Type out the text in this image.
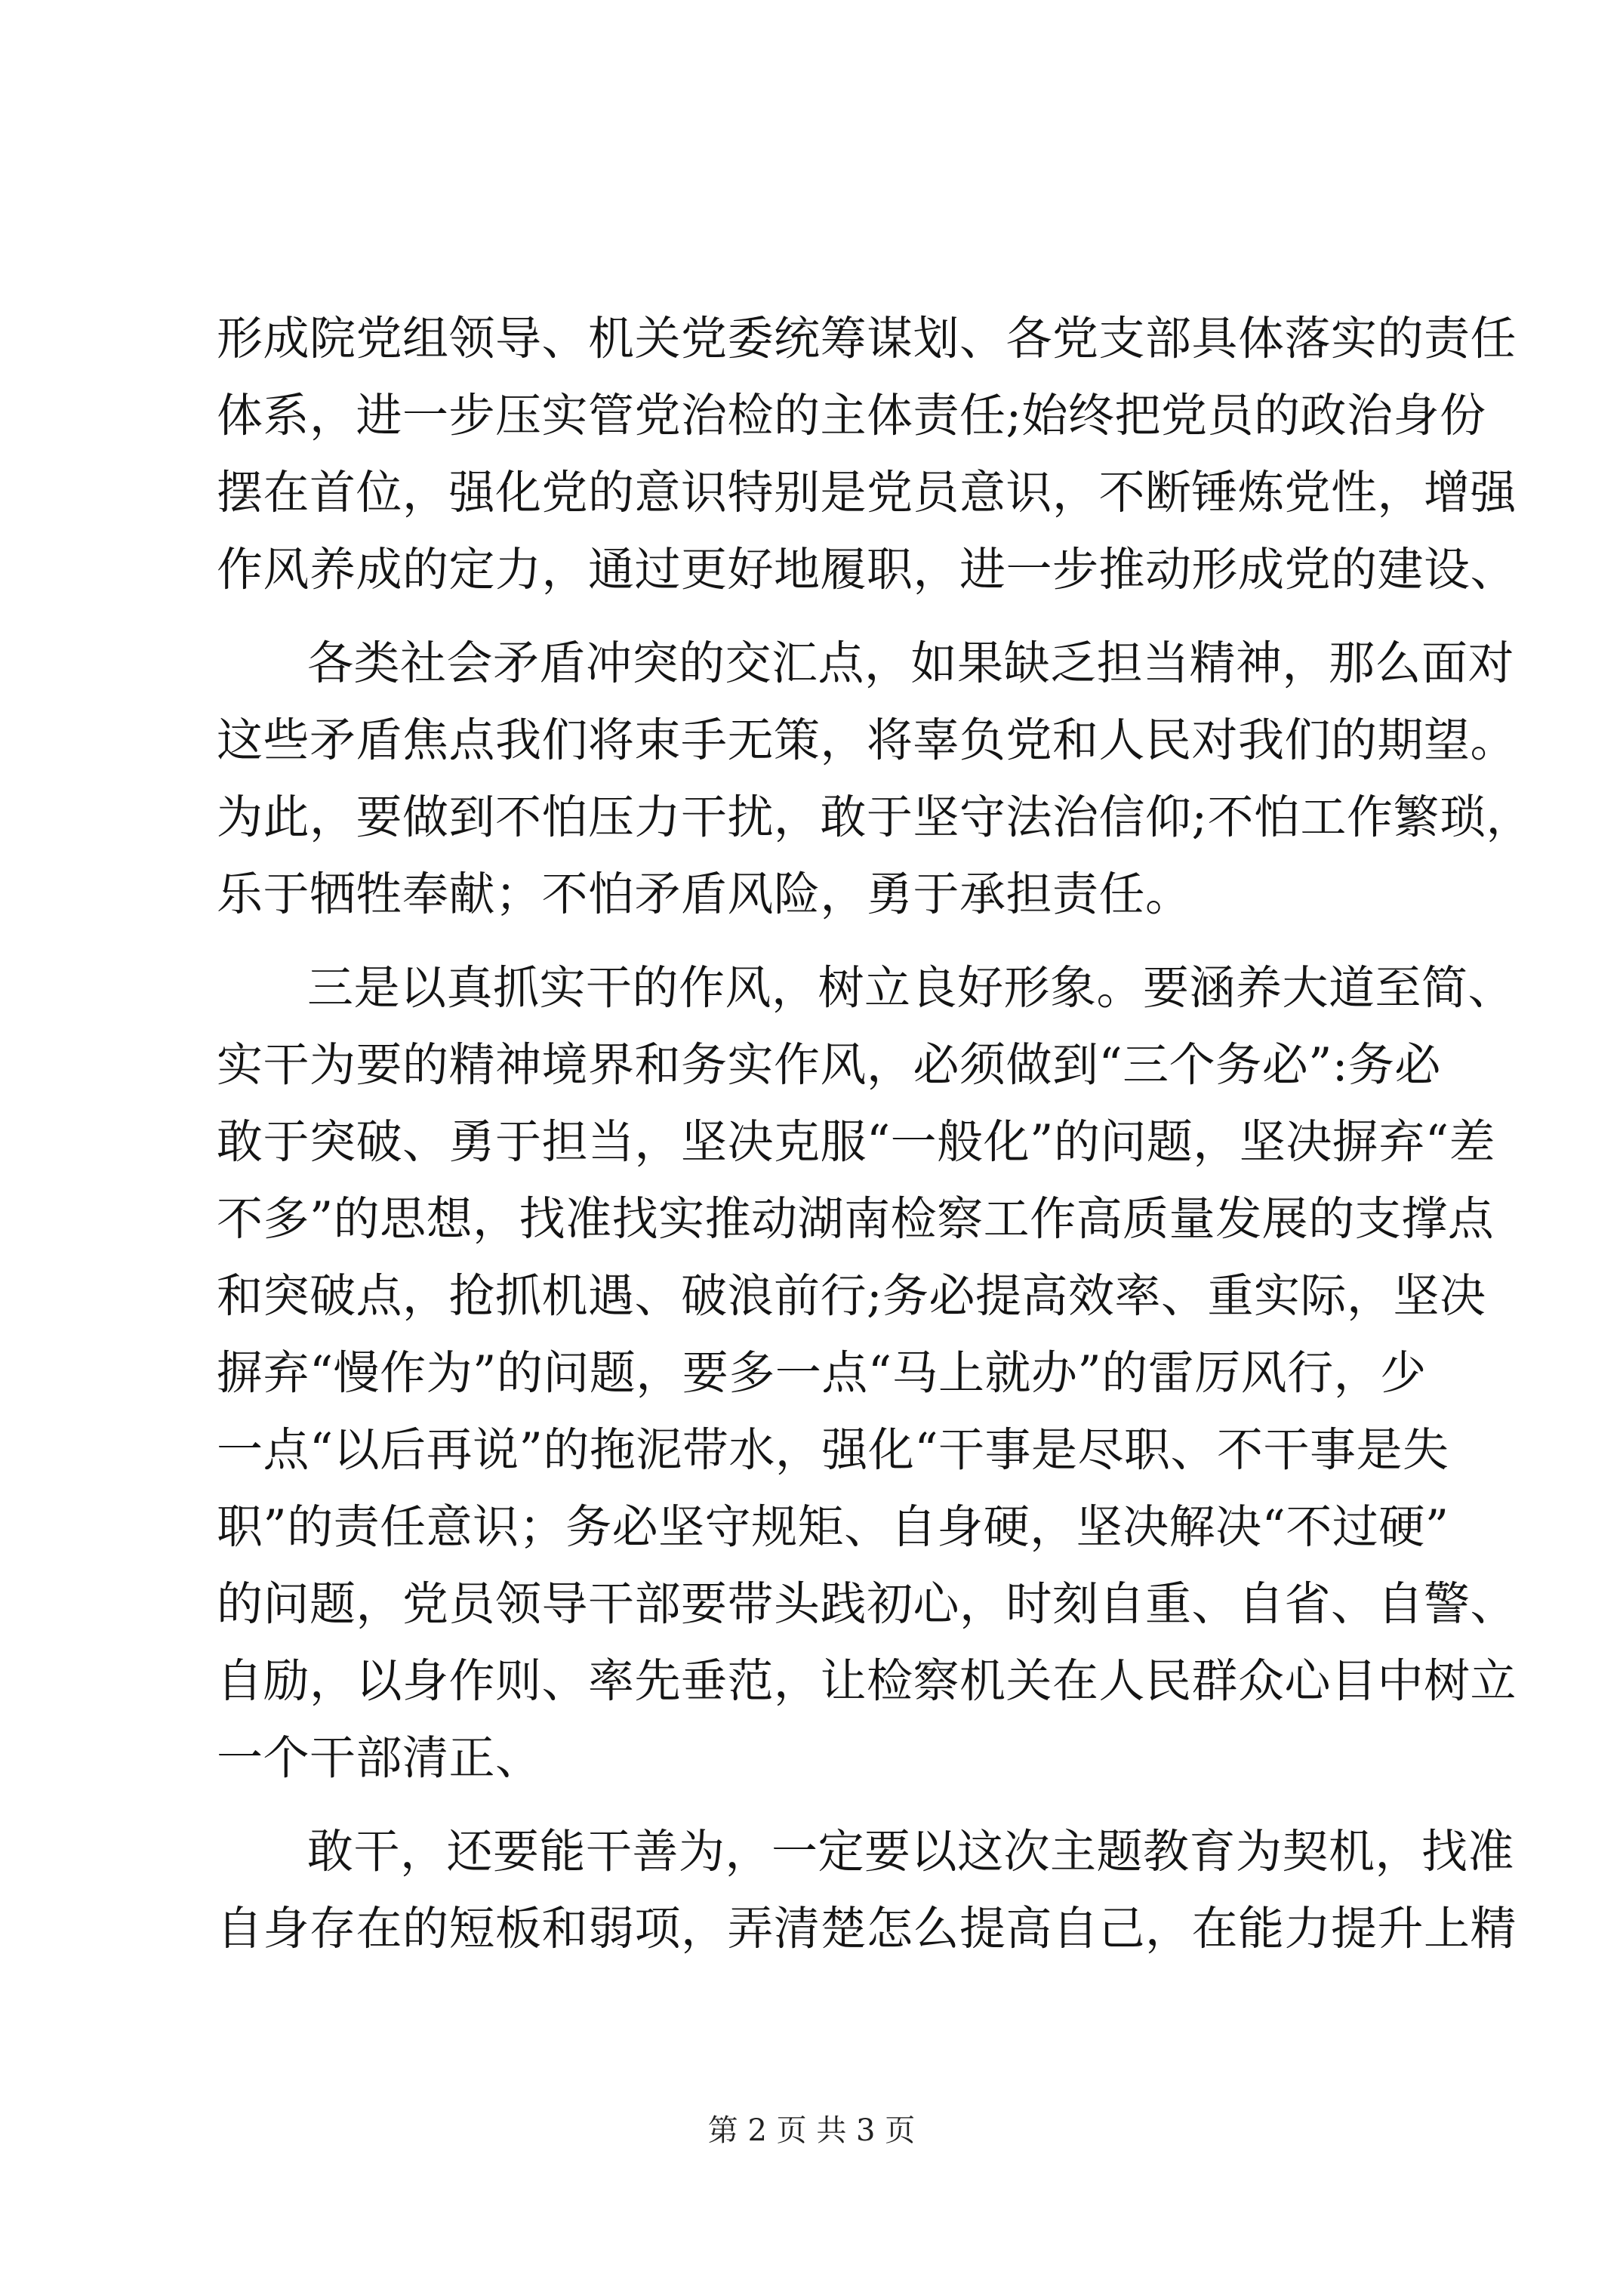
形成院党组领导、机关党委统筹谋划、各党支部具体落实的责任
体系，进一步压实管党治检的主体责任;始终把党员的政治身份
摆在首位，强化党的意识特别是党员意识，不断锤炼党性，增强
作风养成的定力，通过更好地履职，进一步推动形成党的建设、
各类社会矛盾冲突的交汇点，如果缺乏担当精神，那么面对
这些矛盾焦点我们将束手无策，将辜负党和人民对我们的期望。
为此，要做到不怕压力干扰，敢于坚守法治信仰;不怕工作繁琐，
乐于牺牲奉献；不怕矛盾风险，勇于承担责任。
三是以真抓实干的作风，树立良好形象。要涵养大道至简、
实干为要的精神境界和务实作风，必须做到“三个务必”:务必
敢于突破、勇于担当，坚决克服“一般化”的问题，坚决摒弃“差
不多”的思想，找准找实推动湖南检察工作高质量发展的支撑点
和突破点，抢抓机遇、破浪前行;务必提高效率、重实际，坚决
摒弃“慢作为”的问题，要多一点“马上就办”的雷厉风行，少
一点“以后再说”的拖泥带水，强化“干事是尽职、不干事是失
职”的责任意识；务必坚守规矩、自身硬，坚决解决“不过硬”
的问题，党员领导干部要带头践初心，时刻自重、自省、自警、
自励，以身作则、率先垂范，让检察机关在人民群众心目中树立
一个干部清正、
敢干，还要能干善为，一定要以这次主题教育为契机，找准
自身存在的短板和弱项，弄清楚怎么提高自己，在能力提升上精
第 2 页 共 3 页
